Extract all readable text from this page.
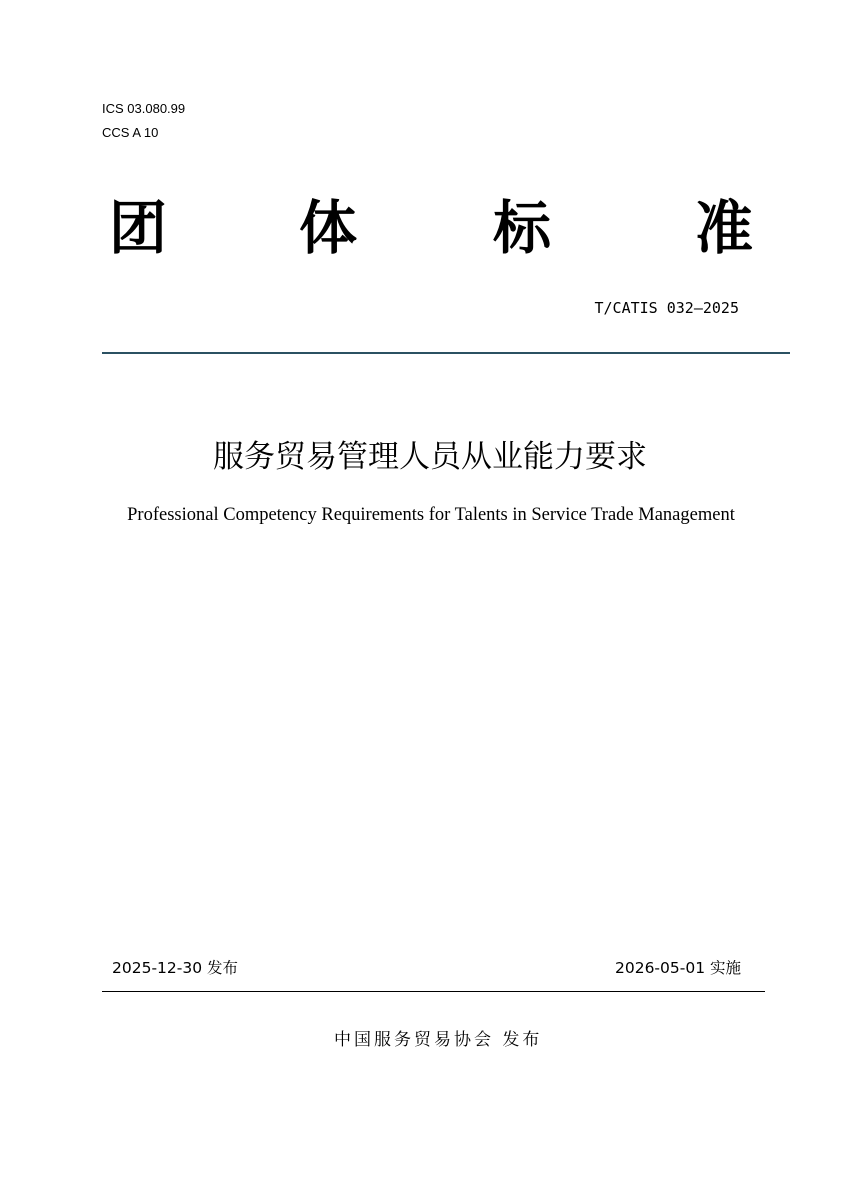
ICS 03.080.99
CCS A 10
团 体 标 准
T/CATIS 032—2025
服务贸易管理人员从业能力要求
Professional Competency Requirements for Talents in Service Trade Management
2025-12-30 发布	2026-05-01 实施
中国服务贸易协会 发布
